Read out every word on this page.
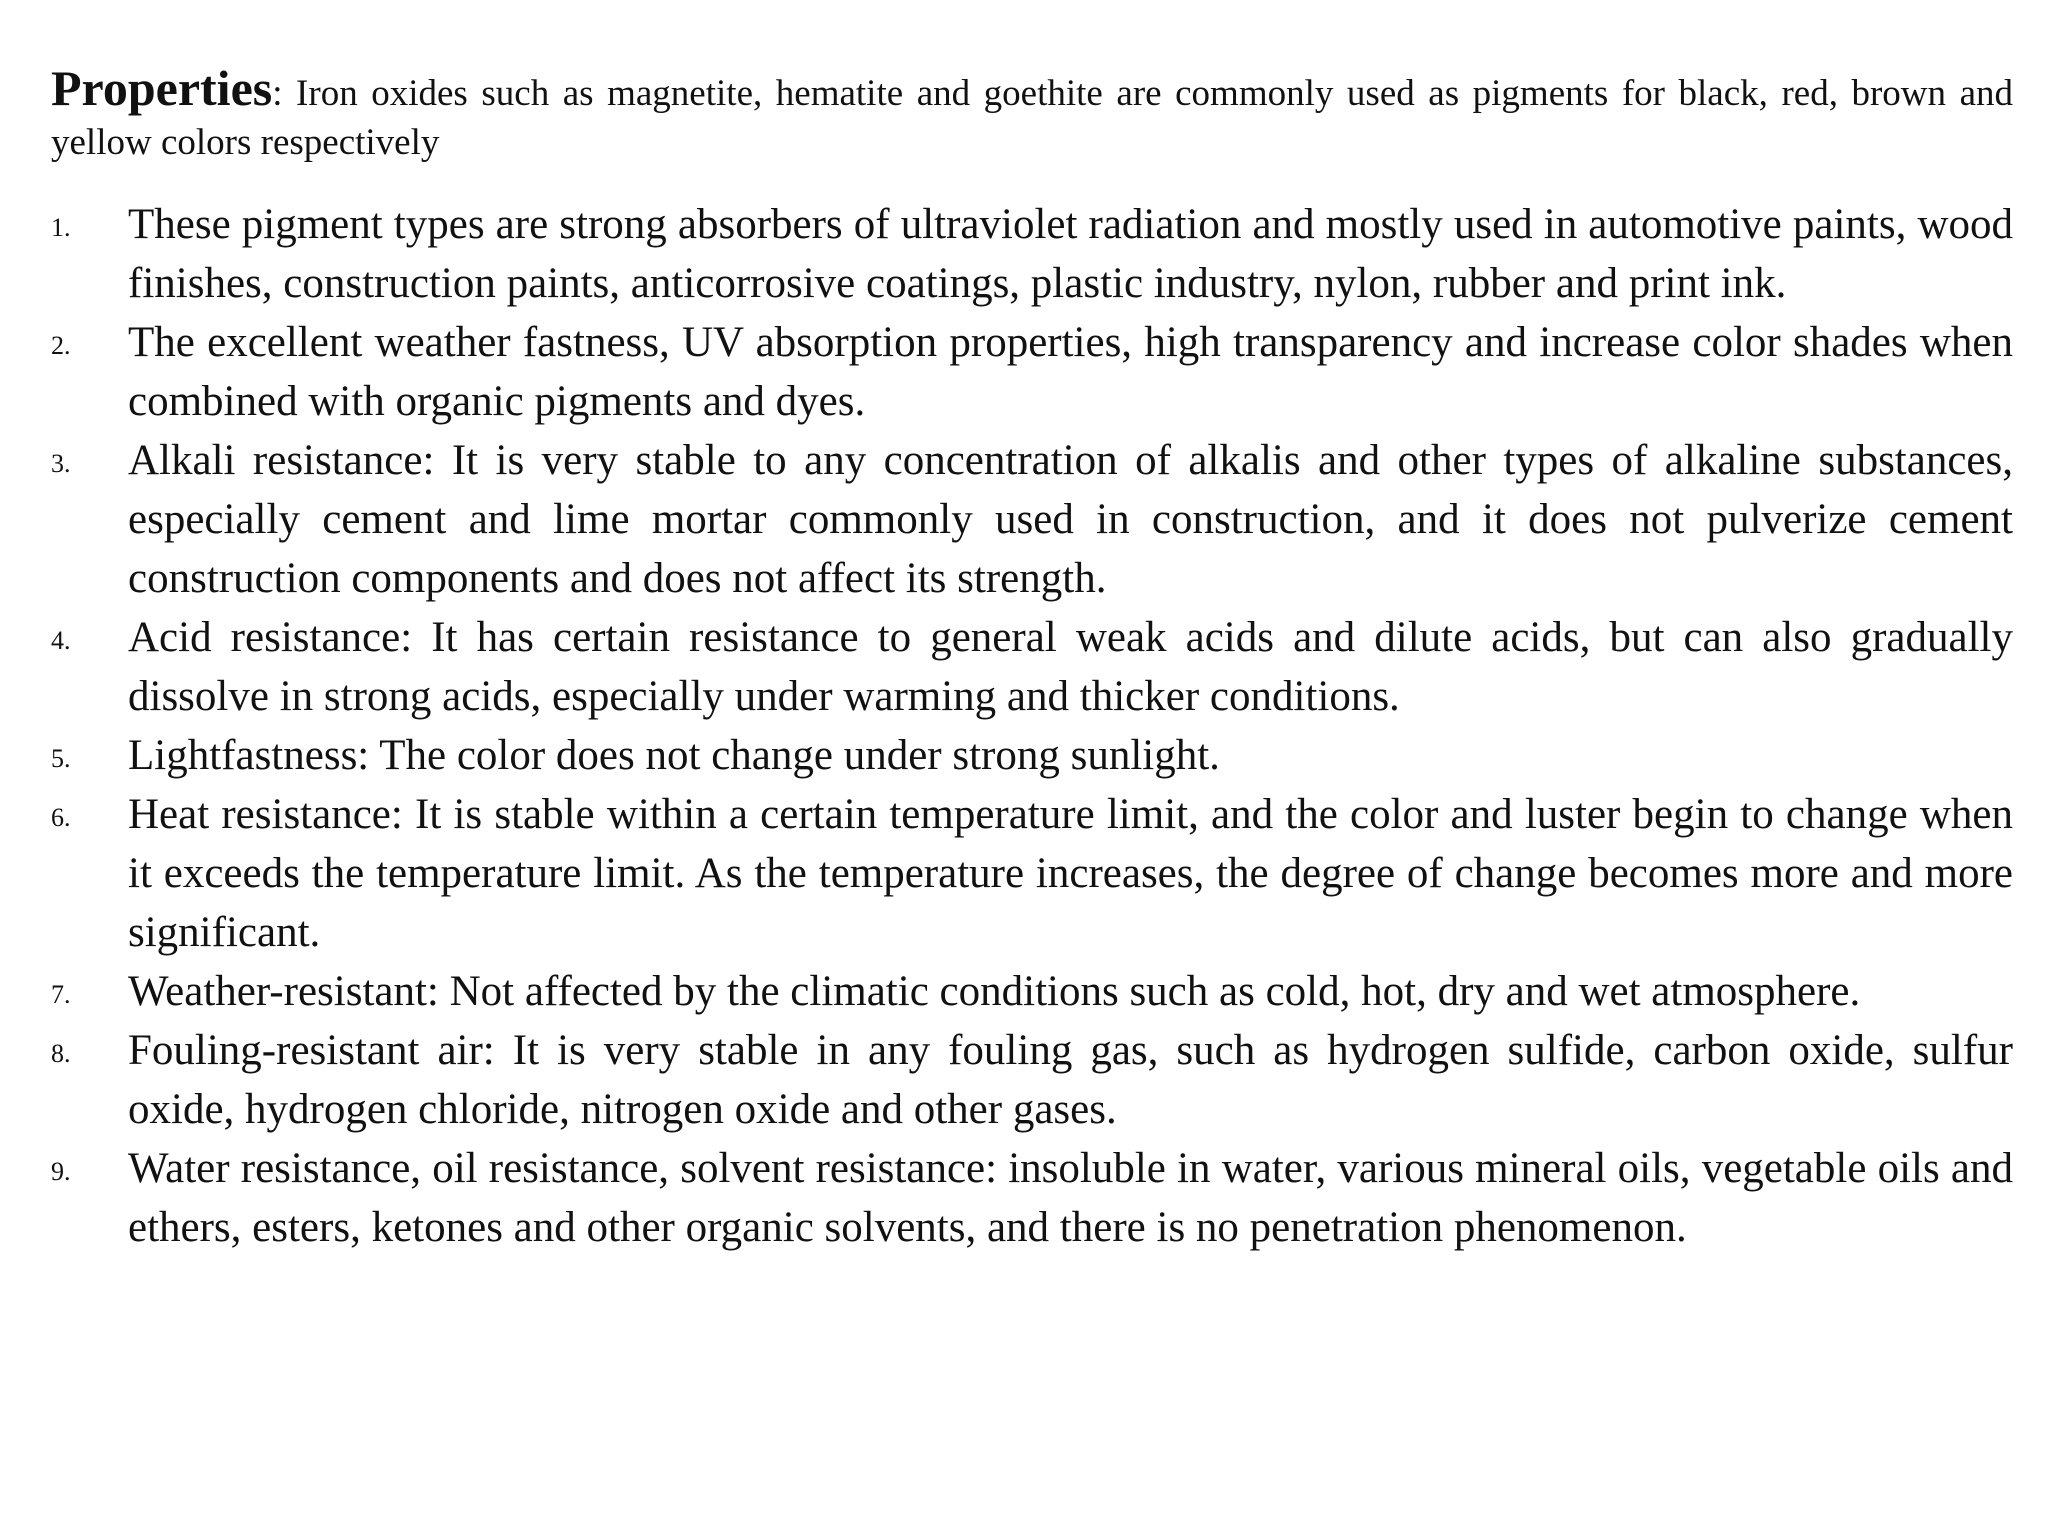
Properties: Iron oxides such as magnetite, hematite and goethite are commonly used as pigments for black, red, brown and yellow colors respectively

1. These pigment types are strong absorbers of ultraviolet radiation and mostly used in automotive paints, wood finishes, construction paints, anticorrosive coatings, plastic industry, nylon, rubber and print ink.
2. The excellent weather fastness, UV absorption properties, high transparency and increase color shades when combined with organic pigments and dyes.
3. Alkali resistance: It is very stable to any concentration of alkalis and other types of alkaline substances, especially cement and lime mortar commonly used in construction, and it does not pulverize cement construction components and does not affect its strength.
4. Acid resistance: It has certain resistance to general weak acids and dilute acids, but can also gradually dissolve in strong acids, especially under warming and thicker conditions.
5. Lightfastness: The color does not change under strong sunlight.
6. Heat resistance: It is stable within a certain temperature limit, and the color and luster begin to change when it exceeds the temperature limit. As the temperature increases, the degree of change becomes more and more significant.
7. Weather-resistant: Not affected by the climatic conditions such as cold, hot, dry and wet atmosphere.
8. Fouling-resistant air: It is very stable in any fouling gas, such as hydrogen sulfide, carbon oxide, sulfur oxide, hydrogen chloride, nitrogen oxide and other gases.
9. Water resistance, oil resistance, solvent resistance: insoluble in water, various mineral oils, vegetable oils and ethers, esters, ketones and other organic solvents, and there is no penetration phenomenon.
